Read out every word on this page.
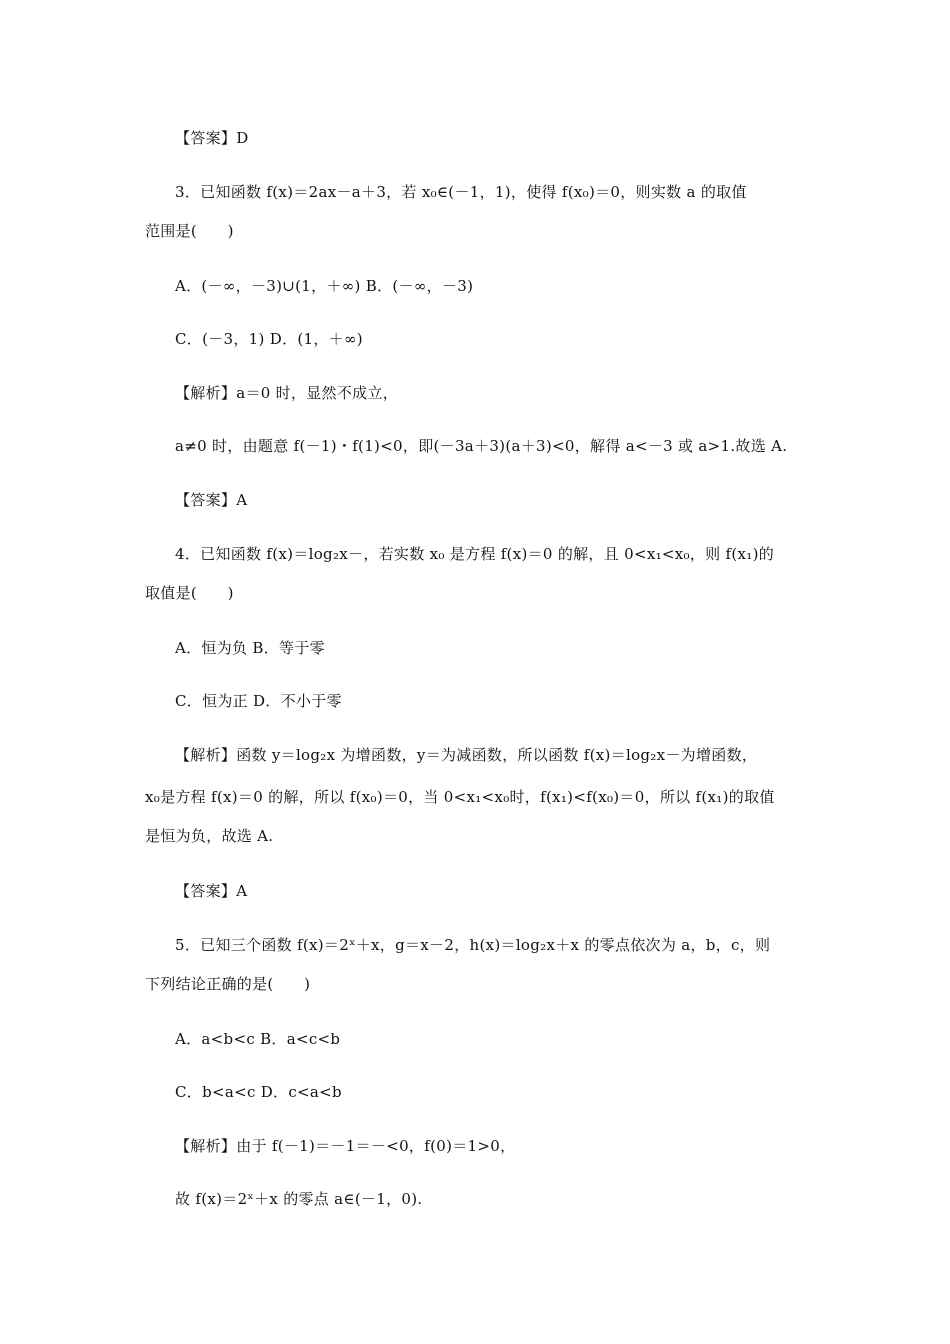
【答案】D
3．已知函数 f(x)＝2ax－a＋3，若 x₀∈(－1，1)，使得 f(x₀)＝0，则实数 a 的取值
范围是(　　)
A．(－∞，－3)∪(1，＋∞) B．(－∞，－3)
C．(－3，1) D．(1，＋∞)
【解析】a＝0 时，显然不成立，
a≠0 时，由题意 f(－1)・f(1)<0，即(－3a＋3)(a＋3)<0，解得 a<－3 或 a>1.故选 A.
【答案】A
4．已知函数 f(x)＝log₂x－，若实数 x₀ 是方程 f(x)＝0 的解，且 0<x₁<x₀，则 f(x₁)的
取值是(　　)
A．恒为负 B．等于零
C．恒为正 D．不小于零
【解析】函数 y＝log₂x 为增函数，y＝为减函数，所以函数 f(x)＝log₂x－为增函数，
x₀是方程 f(x)＝0 的解，所以 f(x₀)＝0，当 0<x₁<x₀时，f(x₁)<f(x₀)＝0，所以 f(x₁)的取值
是恒为负，故选 A.
【答案】A
5．已知三个函数 f(x)＝2ˣ＋x，g＝x－2，h(x)＝log₂x＋x 的零点依次为 a，b，c，则
下列结论正确的是(　　)
A．a<b<c B．a<c<b
C．b<a<c D．c<a<b
【解析】由于 f(－1)＝－1＝－<0，f(0)＝1>0，
故 f(x)＝2ˣ＋x 的零点 a∈(－1，0).
